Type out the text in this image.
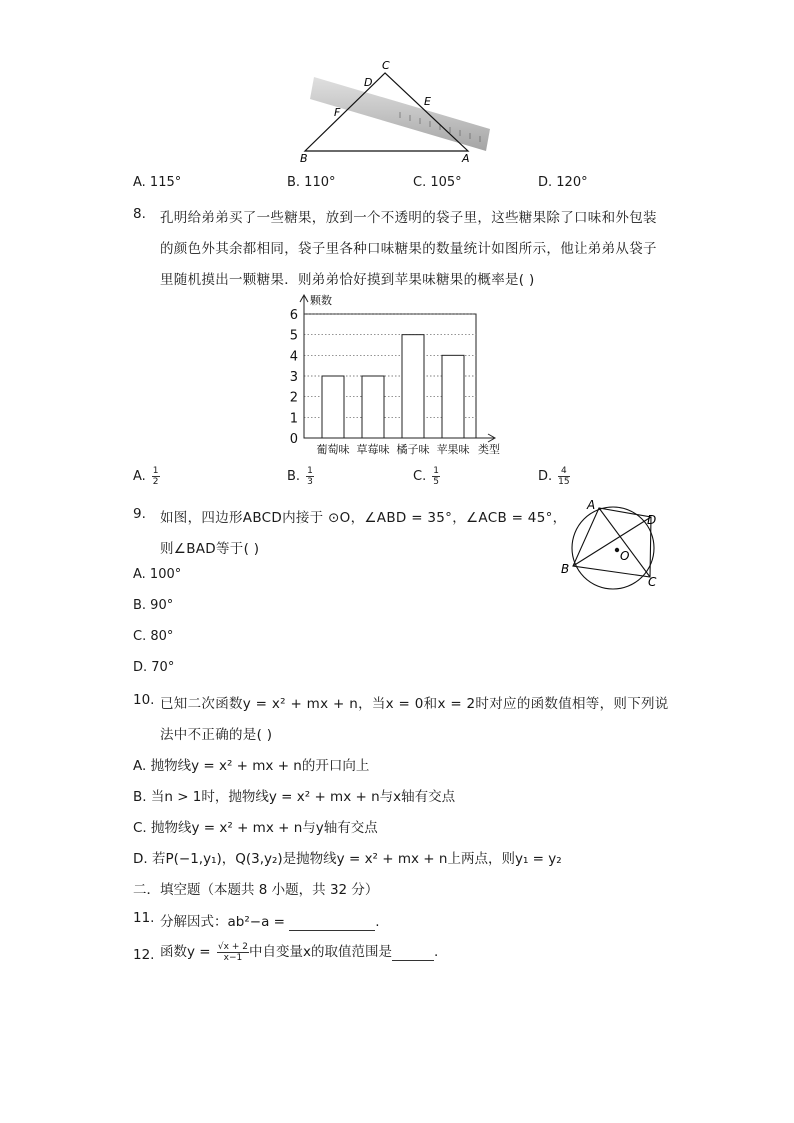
C
D
E
F
B	A
A. 115°	B. 110°	C. 105°	D. 120°
8. 孔明给弟弟买了一些糖果，放到一个不透明的袋子里，这些糖果除了口味和外包装
的颜色外其余都相同，袋子里各种口味糖果的数量统计如图所示，他让弟弟从袋子
里随机摸出一颗糖果．则弟弟恰好摸到苹果味糖果的概率是( )
0
1
2
3
4
5
6
颗数
类型
葡萄味 草莓味 橘子味 苹果味
A. $\frac{1}{2}$	B. $\frac{1}{3}$	C. $\frac{1}{5}$	D. $\frac{4}{15}$
9. 如图，四边形ABCD内接于 ⊙O，∠ABD = 35°，∠ACB = 45°，
则∠BAD等于( )
A
B
C
D
O
A. 100°
B. 90°
C. 80°
D. 70°
10. 已知二次函数y = x² + mx + n，当x = 0和x = 2时对应的函数值相等，则下列说
法中不正确的是( )
A. 抛物线y = x² + mx + n的开口向上
B. 当n > 1时，抛物线y = x² + mx + n与x轴有交点
C. 抛物线y = x² + mx + n与y轴有交点
D. 若P(−1,y₁)，Q(3,y₂)是抛物线y = x² + mx + n上两点，则y₁ = y₂
二．填空题（本题共 8 小题，共 32 分）
11. 分解因式：ab²−a =	.
12. 函数$y = \frac{√x + 2}{x-1}$ 中自变量x的取值范围是	.
